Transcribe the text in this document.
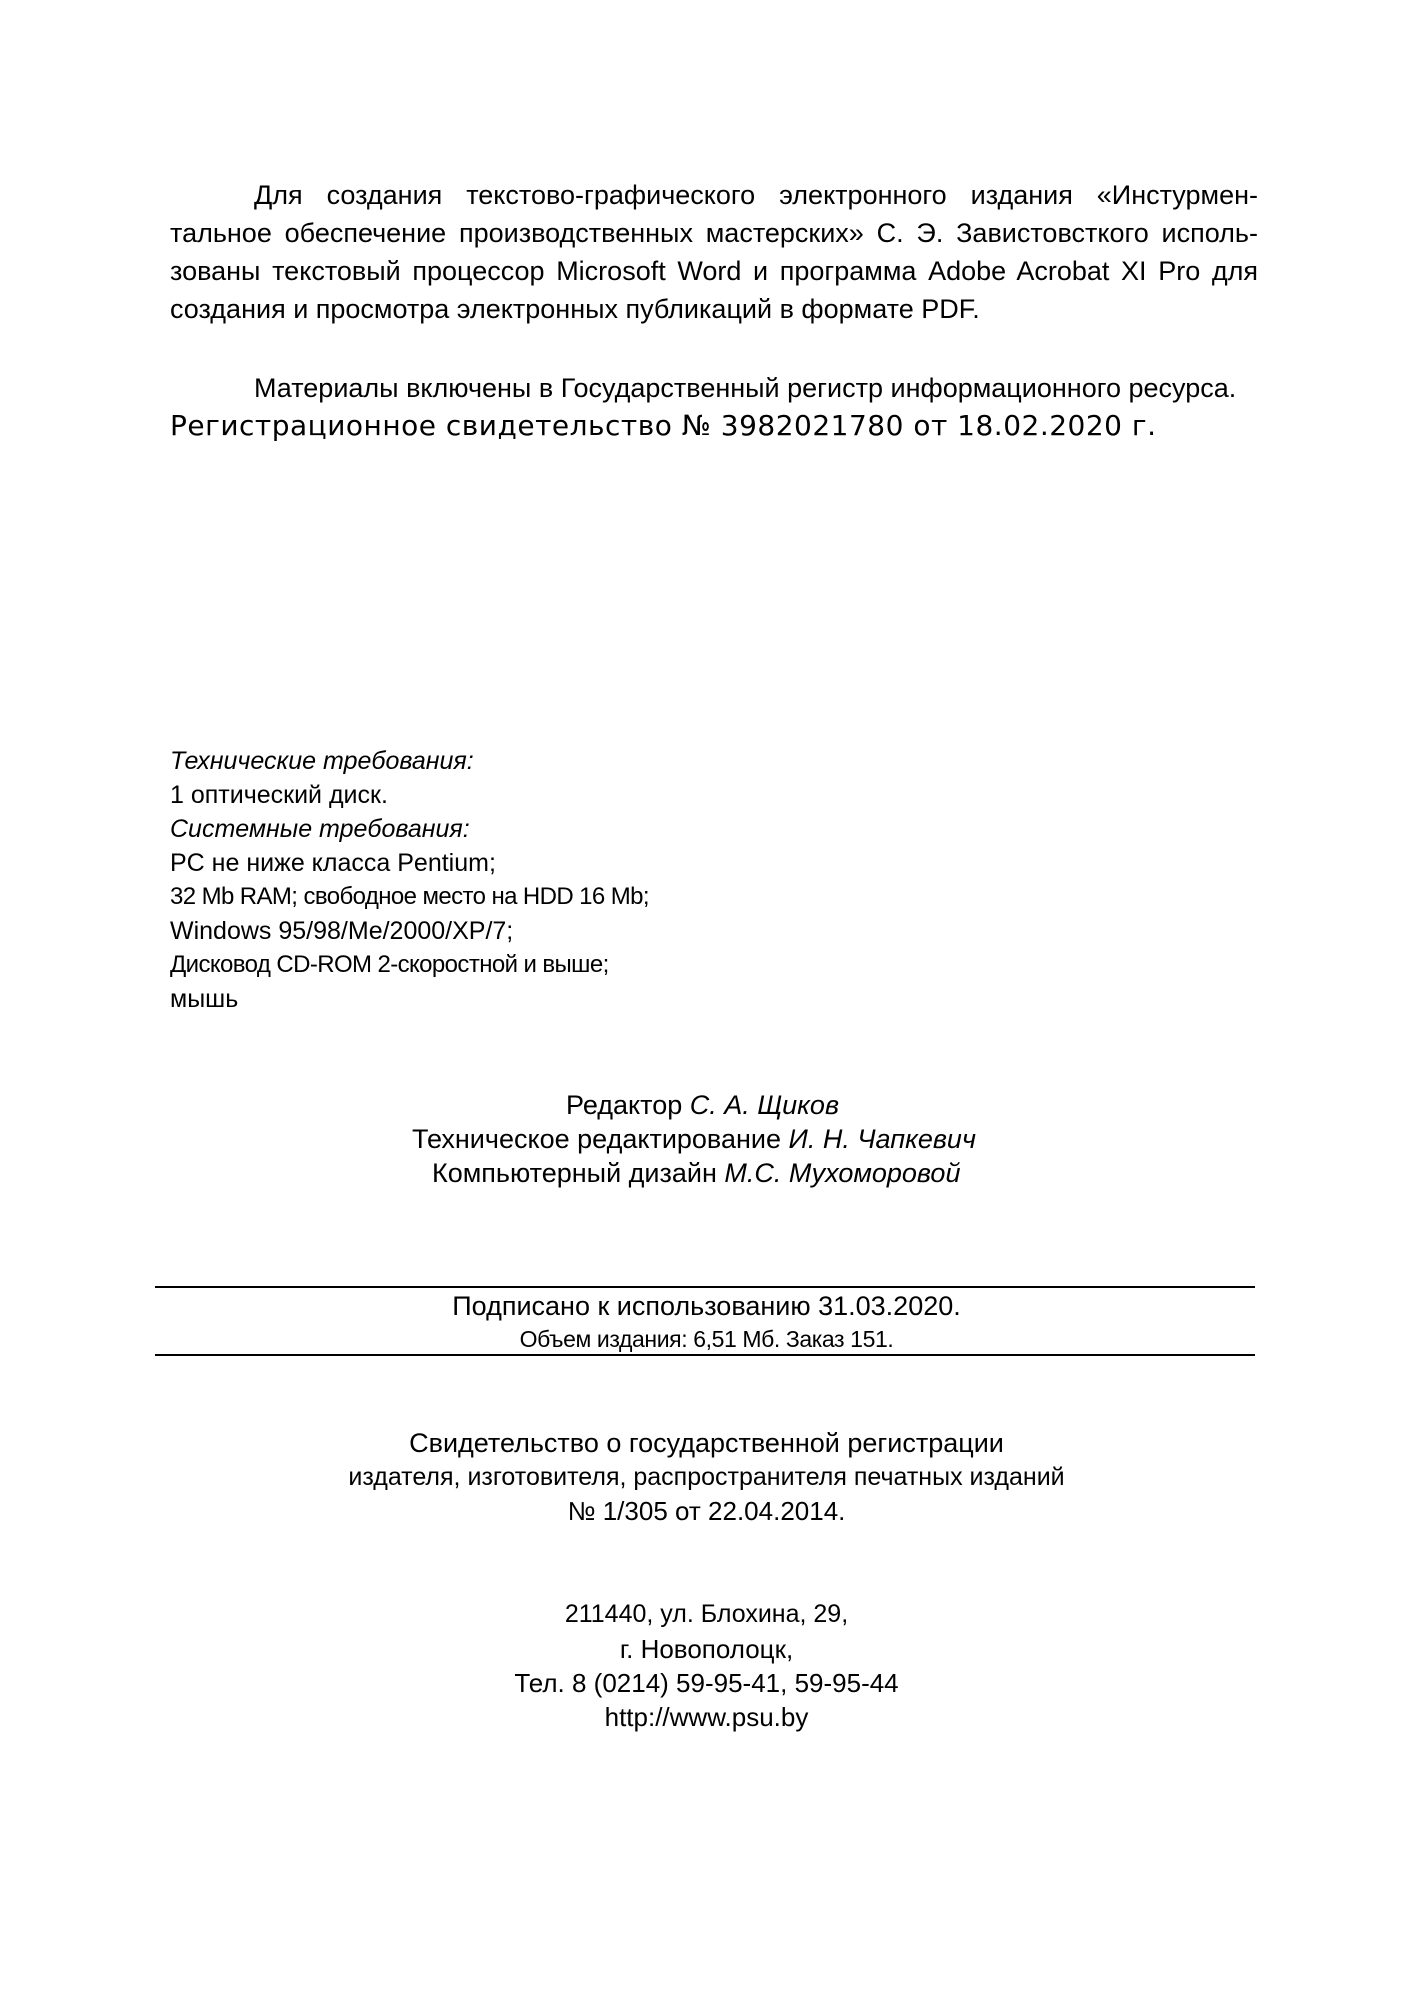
Для создания текстово-графического электронного издания «Инстурмен- тальное обеспечение производственных мастерских» С. Э. Завистовсткого исполь- зованы текстовый процессор Microsoft Word и программа Adobe Acrobat XI Pro для создания и просмотра электронных публикаций в формате PDF.

Материалы включены в Государственный регистр информационного ресурса.

Регистрационное свидетельство № 3982021780 от 18.02.2020 г.

Технические требования:
1 оптический диск.
Системные требования:
PC не ниже класса Pentium;
32 Mb RAM; свободное место на HDD 16 Mb;
Windows 95/98/Me/2000/XP/7;
Дисковод CD-ROM 2-скоростной и выше;
мышь
Редактор С. А. Щиков
Техническое редактирование И. Н. Чапкевич
Компьютерный дизайн М.С. Мухоморовой
Подписано к использованию 31.03.2020.
Объем издания: 6,51 Мб. Заказ 151.
Свидетельство о государственной регистрации
издателя, изготовителя, распространителя печатных изданий
№ 1/305 от 22.04.2014.
211440, ул. Блохина, 29,
г. Новополоцк,
Тел. 8 (0214) 59-95-41, 59-95-44
http://www.psu.by
